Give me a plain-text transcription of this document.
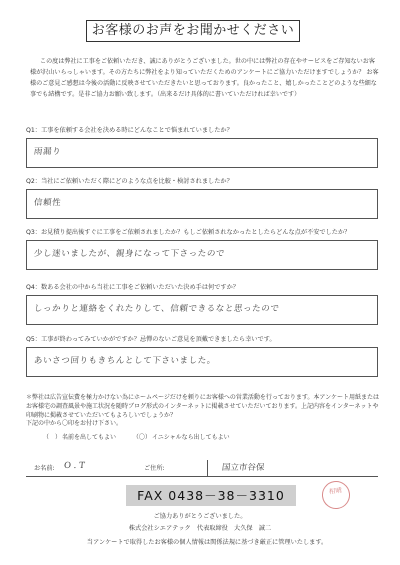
お客様のお声をお聞かせください
この度は弊社に工事をご依頼いただき、誠にありがとうございました。世の中には弊社の存在やサービスをご存知ないお客様が沢山いらっしゃいます。その方たちに弊社をより知っていただくためのアンケートにご協力いただけますでしょうか？ お客様のご意見ご感想は今後の活動に反映させていただきたいと思っております。良かったこと、嬉しかったことどのような些細な事でも結構です。是非ご協力お願い致します。（出来るだけ具体的に書いていただければ幸いです）
Q1：工事を依頼する会社を決める時にどんなことで悩まれていましたか？
雨漏り
Q2：当社にご依頼いただく際にどのような点を比較・検討されましたか？
信頼性
Q3：お見積り提出後すぐに工事をご依頼されましたか？もしご依頼されなかったとしたらどんな点が不安でしたか？
少し迷いましたが、親身になって下さったので
Q4：数ある会社の中から当社に工事をご依頼いただいた決め手は何ですか？
しっかりと連絡をくれたりして、信頼できるなと思ったので
Q5：工事が終わってみていかがですか？忌憚のないご意見を頂戴できましたら幸いです。
あいさつ回りもきちんとして下さいました。
＊弊社は広告宣伝費を極力かけない為にホームページだけを頼りにお客様への営業活動を行っております。本アンケート用紙またはお客様宅の調査風景や施工状況を随時ブログ形式のインターネットに掲載させていただいております。上記内容をインターネットや印刷物に掲載させていただいてもよろしいでしょうか？
下記の中から〇印をお付け下さい。
（　）名前を出してもよい	（〇）イニシャルなら出してもよい
お名前: O . T	ご住所:	国立市谷保
FAX 0438－38－3310	相晴
ご協力ありがとうございました。
株式会社シエアテック　代表取締役　大久保　誠二
当アンケートで取得したお客様の個人情報は関係法規に基づき厳正に管理いたします。
